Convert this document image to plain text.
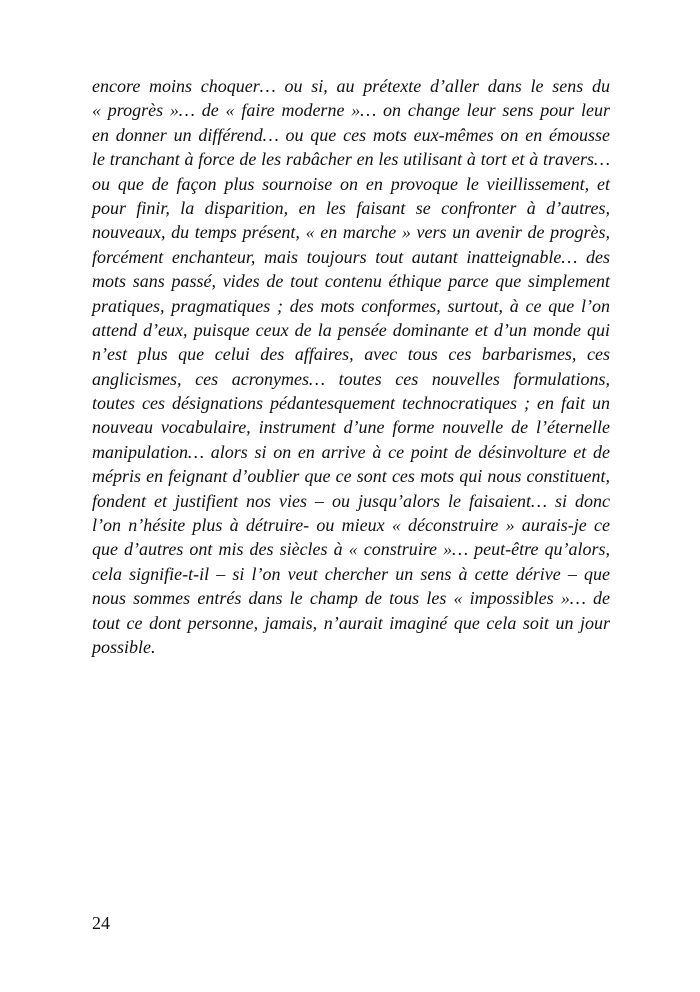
encore moins choquer… ou si, au prétexte d’aller dans le sens du
« progrès »… de « faire moderne »… on change leur sens pour leur
en donner un différend… ou que ces mots eux-mêmes on en émousse
le tranchant à force de les rabâcher en les utilisant à tort et à travers…
ou que de façon plus sournoise on en provoque le vieillissement, et
pour finir, la disparition, en les faisant se confronter à d’autres,
nouveaux, du temps présent, « en marche » vers un avenir de progrès,
forcément enchanteur, mais toujours tout autant inatteignable… des
mots sans passé, vides de tout contenu éthique parce que simplement
pratiques, pragmatiques ; des mots conformes, surtout, à ce que l’on
attend d’eux, puisque ceux de la pensée dominante et d’un monde qui
n’est plus que celui des affaires, avec tous ces barbarismes, ces
anglicismes, ces acronymes… toutes ces nouvelles formulations,
toutes ces désignations pédantesquement technocratiques ; en fait un
nouveau vocabulaire, instrument d’une forme nouvelle de l’éternelle
manipulation… alors si on en arrive à ce point de désinvolture et de
mépris en feignant d’oublier que ce sont ces mots qui nous constituent,
fondent et justifient nos vies – ou jusqu’alors le faisaient… si donc
l’on n’hésite plus à détruire- ou mieux « déconstruire » aurais-je ce
que d’autres ont mis des siècles à « construire »… peut-être qu’alors,
cela signifie-t-il – si l’on veut chercher un sens à cette dérive – que
nous sommes entrés dans le champ de tous les « impossibles »… de
tout ce dont personne, jamais, n’aurait imaginé que cela soit un jour
possible.
24
